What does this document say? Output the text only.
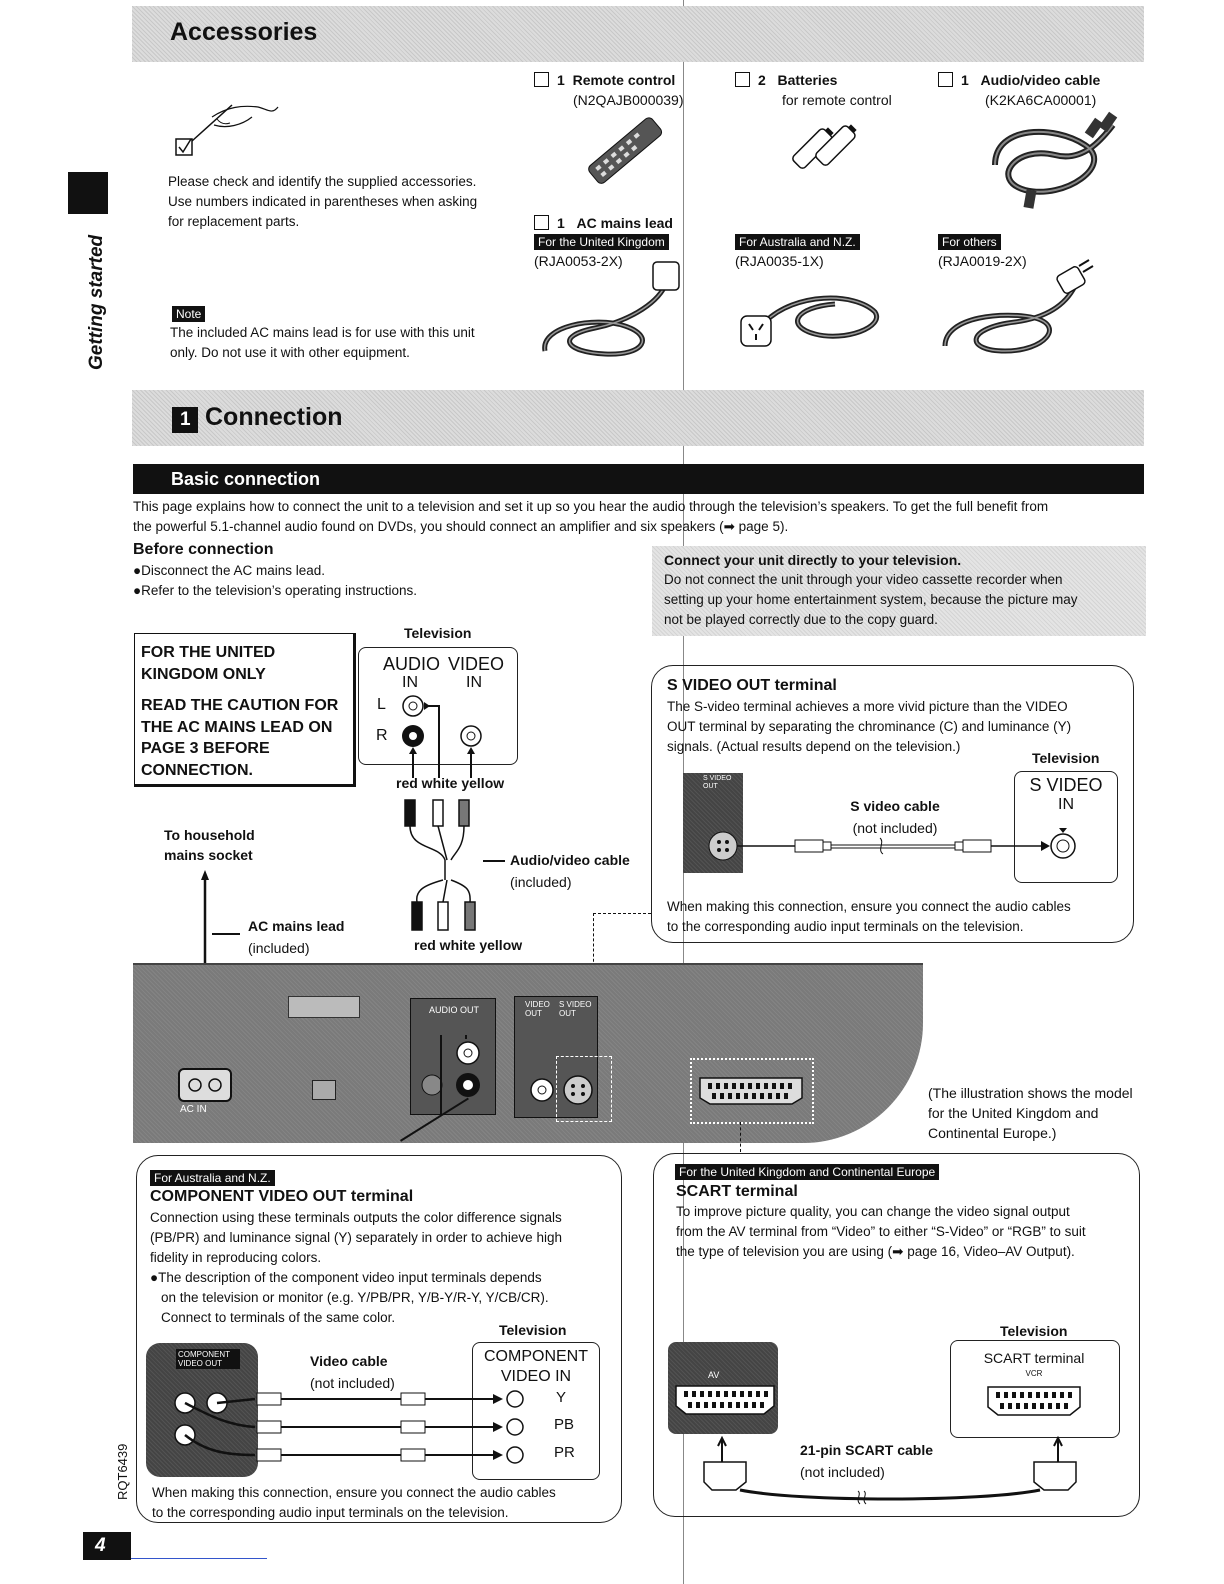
Getting started
RQT6439
4
Accessories
Please check and identify the supplied accessories.
Use numbers indicated in parentheses when asking
for replacement parts.
Note
The included AC mains lead is for use with this unit
only. Do not use it with other equipment.
1 Remote control
(N2QAJB000039)
2 Batteries
for remote control
1 Audio/video cable
(K2KA6CA00001)
1 AC mains lead
For the United Kingdom
(RJA0053-2X)
For Australia and N.Z.
(RJA0035-1X)
For others
(RJA0019-2X)
1 Connection
Basic connection
This page explains how to connect the unit to a television and set it up so you hear the audio through the television’s speakers. To get the full benefit from
the powerful 5.1-channel audio found on DVDs, you should connect an amplifier and six speakers (➡ page 5).
Before connection
●Disconnect the AC mains lead.
●Refer to the television’s operating instructions.
Connect your unit directly to your television.
Do not connect the unit through your video cassette recorder when
setting up your home entertainment system, because the picture may
not be played correctly due to the copy guard.
FOR THE UNITED
KINGDOM ONLY
READ THE CAUTION FOR
THE AC MAINS LEAD ON
PAGE 3 BEFORE
CONNECTION.
Television
AUDIO VIDEO
IN	IN
L
R
red white yellow
Audio/video cable
(included)
red white yellow
To household
mains socket
AC mains lead
(included)
S VIDEO OUT terminal
The S-video terminal achieves a more vivid picture than the VIDEO
OUT terminal by separating the chrominance (C) and luminance (Y)
signals. (Actual results depend on the television.)
Television
S VIDEO
IN
S VIDEO OUT
S video cable
(not included)
When making this connection, ensure you connect the audio cables
to the corresponding audio input terminals on the television.
AC IN
AUDIO OUT
VIDEO OUT
S VIDEO OUT
(The illustration shows the model
for the United Kingdom and
Continental Europe.)
For Australia and N.Z.
COMPONENT VIDEO OUT terminal
Connection using these terminals outputs the color difference signals
(PB/PR) and luminance signal (Y) separately in order to achieve high
fidelity in reproducing colors.
●The description of the component video input terminals depends
on the television or monitor (e.g. Y/PB/PR, Y/B-Y/R-Y, Y/CB/CR).
Connect to terminals of the same color.
Television
COMPONENT
VIDEO IN
Y
PB
PR
COMPONENT
VIDEO OUT	Video cable
(not included)
When making this connection, ensure you connect the audio cables
to the corresponding audio input terminals on the television.
For the United Kingdom and Continental Europe
SCART terminal
To improve picture quality, you can change the video signal output
from the AV terminal from “Video” to either “S-Video” or “RGB” to suit
the type of television you are using (➡ page 16, Video–AV Output).
Television
SCART terminal
VCR
AV
21-pin SCART cable
(not included)
